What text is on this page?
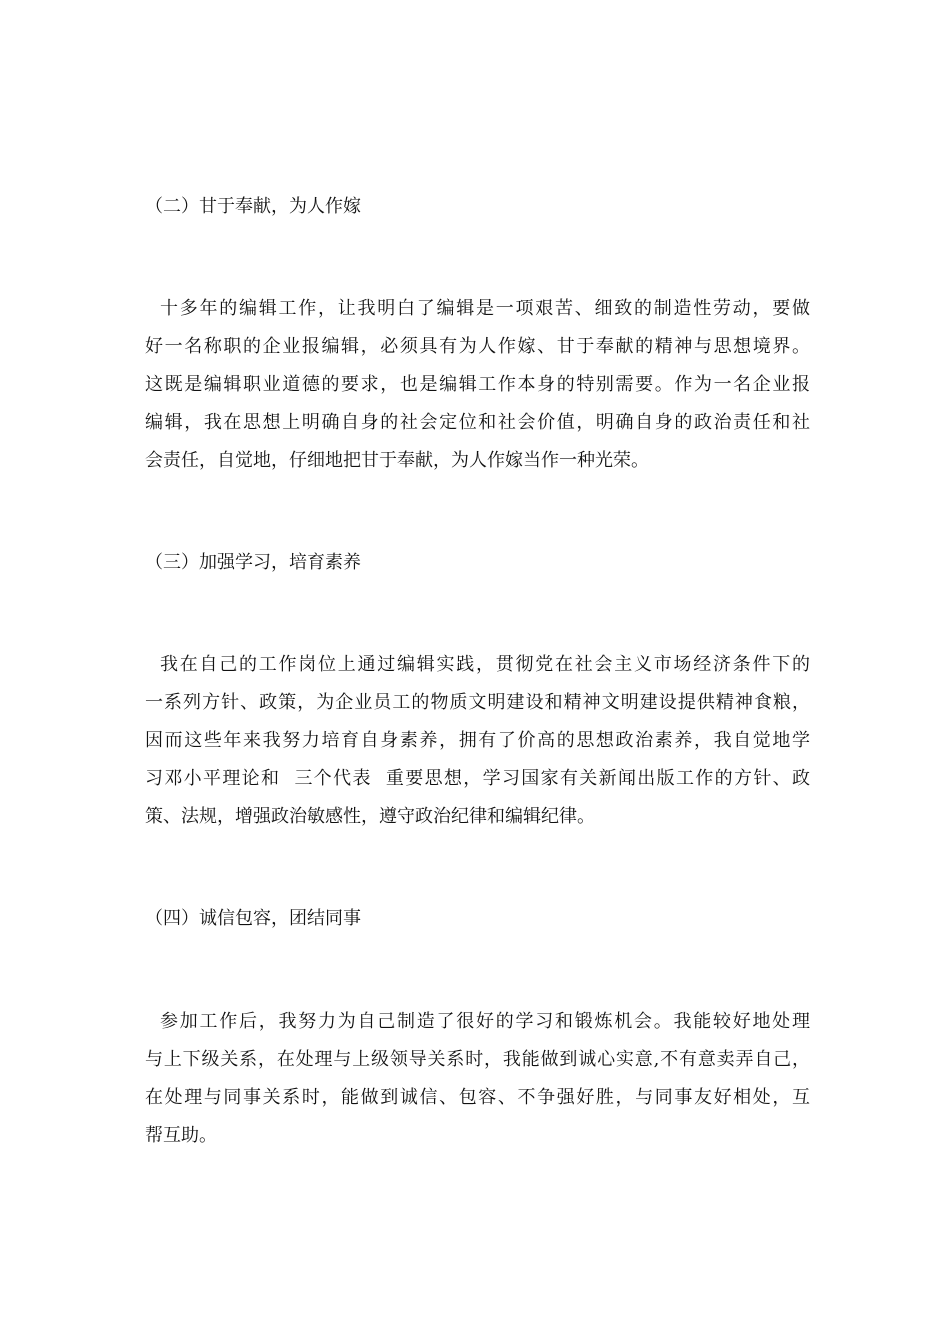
（二）甘于奉献，为人作嫁
十多年的编辑工作，让我明白了编辑是一项艰苦、细致的制造性劳动，要做
好一名称职的企业报编辑，必须具有为人作嫁、甘于奉献的精神与思想境界。
这既是编辑职业道德的要求，也是编辑工作本身的特别需要。作为一名企业报
编辑，我在思想上明确自身的社会定位和社会价值，明确自身的政治责任和社
会责任，自觉地，仔细地把甘于奉献，为人作嫁当作一种光荣。
（三）加强学习，培育素养
我在自己的工作岗位上通过编辑实践，贯彻党在社会主义市场经济条件下的
一系列方针、政策，为企业员工的物质文明建设和精神文明建设提供精神食粮，
因而这些年来我努力培育自身素养，拥有了价高的思想政治素养，我自觉地学
习邓小平理论和  三个代表  重要思想，学习国家有关新闻出版工作的方针、政
策、法规，增强政治敏感性，遵守政治纪律和编辑纪律。
（四）诚信包容，团结同事
参加工作后，我努力为自己制造了很好的学习和锻炼机会。我能较好地处理
与上下级关系，在处理与上级领导关系时，我能做到诚心实意,不有意卖弄自己，
在处理与同事关系时，能做到诚信、包容、不争强好胜，与同事友好相处，互
帮互助。
